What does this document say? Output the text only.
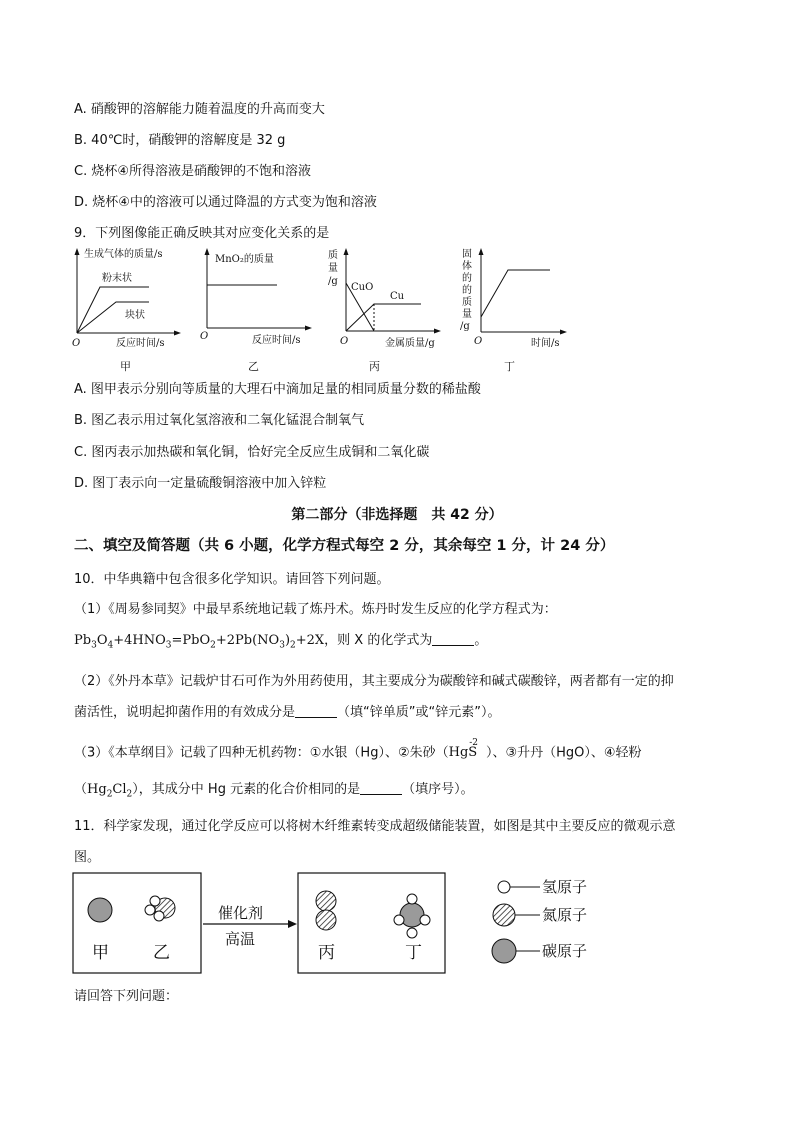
A. 硝酸钾的溶解能力随着温度的升高而变大
B. 40℃时，硝酸钾的溶解度是 32 g
C. 烧杯④所得溶液是硝酸钾的不饱和溶液
D. 烧杯④中的溶液可以通过降温的方式变为饱和溶液
9．下列图像能正确反映其对应变化关系的是
生成气体的质量/s
粉末状
块状
O	反应时间/s
甲
MnO₂的质量
O	反应时间/s
乙
质
量
/g
CuO
Cu
O	金属质量/g
丙
固
体
的
的
质
量
/g
O	时间/s
丁
A. 图甲表示分别向等质量的大理石中滴加足量的相同质量分数的稀盐酸
B. 图乙表示用过氧化氢溶液和二氧化锰混合制氧气
C. 图丙表示加热碳和氧化铜，恰好完全反应生成铜和二氧化碳
D. 图丁表示向一定量硫酸铜溶液中加入锌粒
第二部分（非选择题　共 42 分）
二、填空及简答题（共 6 小题，化学方程式每空 2 分，其余每空 1 分，计 24 分）
10．中华典籍中包含很多化学知识。请回答下列问题。
（1）《周易参同契》中最早系统地记载了炼丹术。炼丹时发生反应的化学方程式为：
$Pb_3O_4+4HNO_3=PbO_2+2Pb(NO_3)_2+2X$，则 X 的化学式为	。
（2）《外丹本草》记载炉甘石可作为外用药使用，其主要成分为碳酸锌和碱式碳酸锌，两者都有一定的抑
菌活性，说明起抑菌作用的有效成分是	（填“锌单质”或“锌元素”）。
（3）《本草纲目》记载了四种无机药物：①水银（Hg）、②朱砂（HgS$^{-2}$）、③升丹（HgO）、④轻粉
$(Hg_2Cl_2)$，其成分中 Hg 元素的化合价相同的是	（填序号）。
11．科学家发现，通过化学反应可以将树木纤维素转变成超级储能装置，如图是其中主要反应的微观示意
图。
甲	乙
催化剂
高温
丙	丁
氢原子
氮原子
碳原子
请回答下列问题：
